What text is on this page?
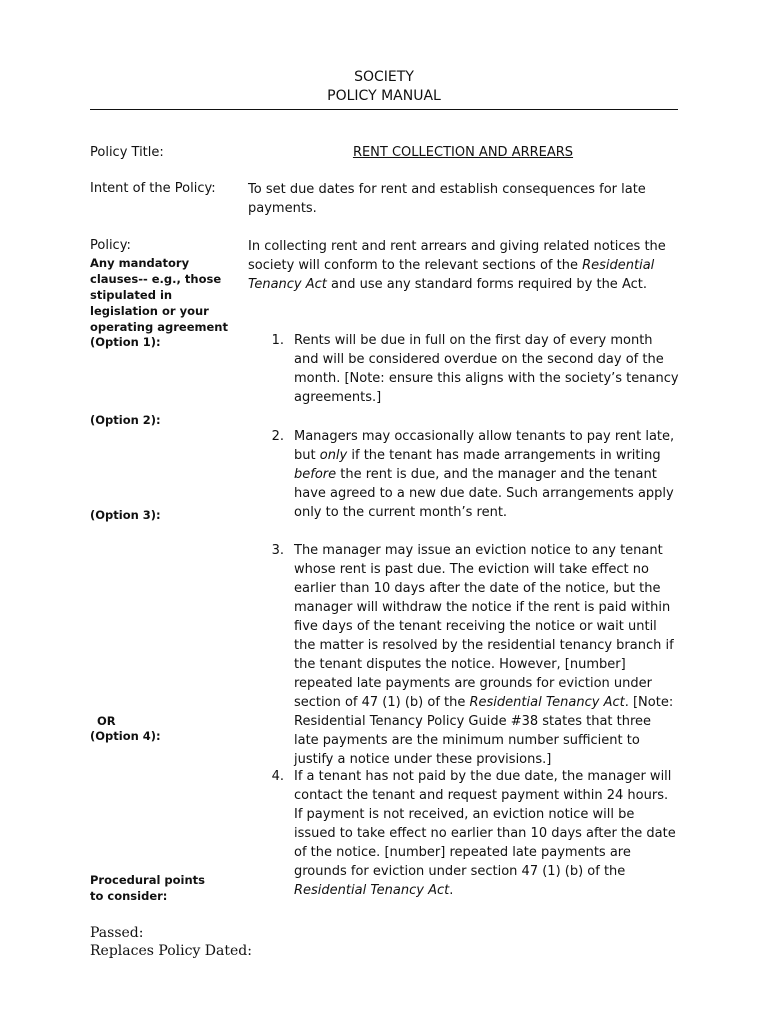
SOCIETY
POLICY MANUAL
Policy Title:	RENT COLLECTION AND ARREARS
Intent of the Policy: To set due dates for rent and establish consequences for late payments.
Policy:
Any mandatory clauses-- e.g., those stipulated in legislation or your operating agreement
In collecting rent and rent arrears and giving related notices the society will conform to the relevant sections of the Residential Tenancy Act and use any standard forms required by the Act.
(Option 1):
(Option 2):
(Option 3):
OR
(Option 4):
1. Rents will be due in full on the first day of every month and will be considered overdue on the second day of the month. [Note: ensure this aligns with the society’s tenancy agreements.]
2. Managers may occasionally allow tenants to pay rent late, but only if the tenant has made arrangements in writing before the rent is due, and the manager and the tenant have agreed to a new due date. Such arrangements apply only to the current month’s rent.
3. The manager may issue an eviction notice to any tenant whose rent is past due. The eviction will take effect no earlier than 10 days after the date of the notice, but the manager will withdraw the notice if the rent is paid within five days of the tenant receiving the notice or wait until the matter is resolved by the residential tenancy branch if the tenant disputes the notice. However, [number] repeated late payments are grounds for eviction under section of 47 (1) (b) of the Residential Tenancy Act. [Note: Residential Tenancy Policy Guide #38 states that three late payments are the minimum number sufficient to justify a notice under these provisions.]
4. If a tenant has not paid by the due date, the manager will contact the tenant and request payment within 24 hours. If payment is not received, an eviction notice will be issued to take effect no earlier than 10 days after the date of the notice. [number] repeated late payments are grounds for eviction under section 47 (1) (b) of the Residential Tenancy Act.
Procedural points to consider:
Passed:
Replaces Policy Dated:
